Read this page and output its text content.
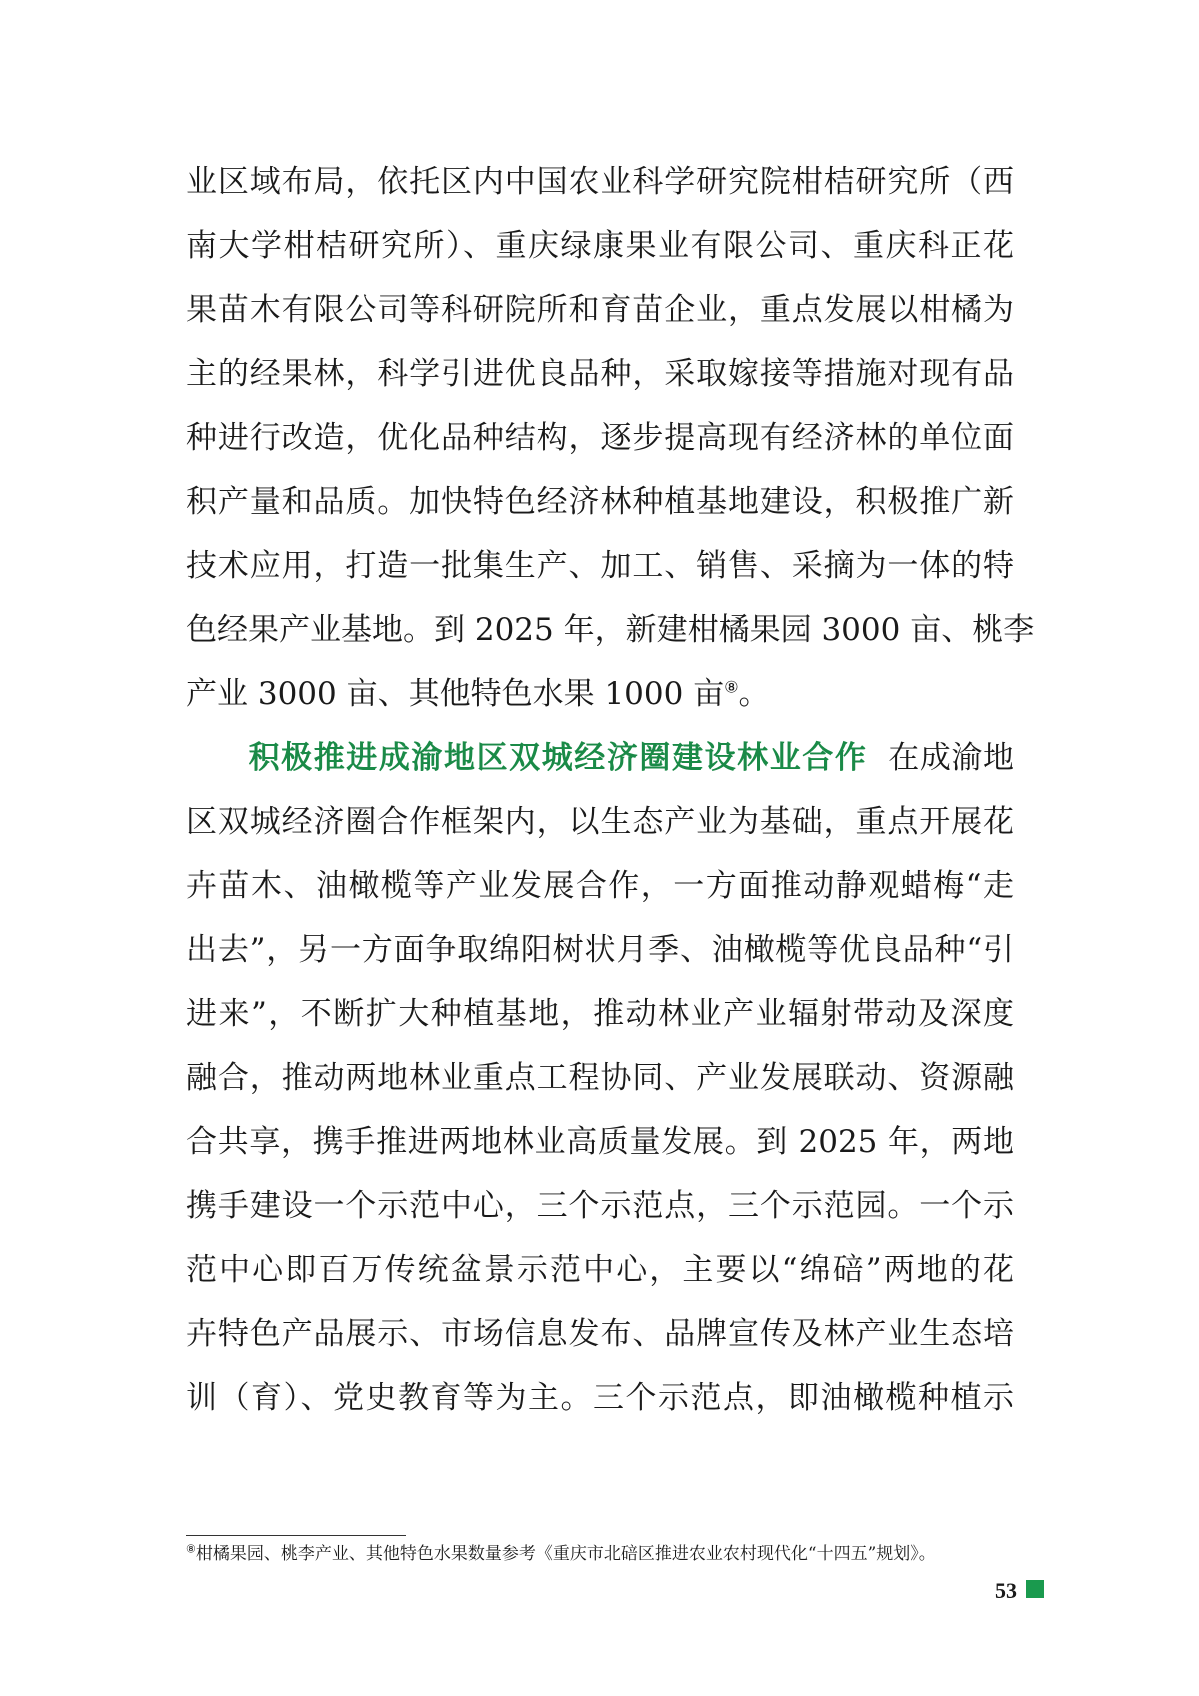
业区域布局，依托区内中国农业科学研究院柑桔研究所（西
南大学柑桔研究所）、重庆绿康果业有限公司、重庆科正花
果苗木有限公司等科研院所和育苗企业，重点发展以柑橘为
主的经果林，科学引进优良品种，采取嫁接等措施对现有品
种进行改造，优化品种结构，逐步提高现有经济林的单位面
积产量和品质。加快特色经济林种植基地建设，积极推广新
技术应用，打造一批集生产、加工、销售、采摘为一体的特
色经果产业基地。到 2025 年，新建柑橘果园 3000 亩、桃李
产业 3000 亩、其他特色水果 1000 亩⑧。
积极推进成渝地区双城经济圈建设林业合作 在成渝地
区双城经济圈合作框架内，以生态产业为基础，重点开展花
卉苗木、油橄榄等产业发展合作，一方面推动静观蜡梅“走
出去”，另一方面争取绵阳树状月季、油橄榄等优良品种“引
进来”，不断扩大种植基地，推动林业产业辐射带动及深度
融合，推动两地林业重点工程协同、产业发展联动、资源融
合共享，携手推进两地林业高质量发展。到 2025 年，两地
携手建设一个示范中心，三个示范点，三个示范园。一个示
范中心即百万传统盆景示范中心，主要以“绵碚”两地的花
卉特色产品展示、市场信息发布、品牌宣传及林产业生态培
训（育）、党史教育等为主。三个示范点，即油橄榄种植示
⑧柑橘果园、桃李产业、其他特色水果数量参考《重庆市北碚区推进农业农村现代化“十四五”规划》。
53
